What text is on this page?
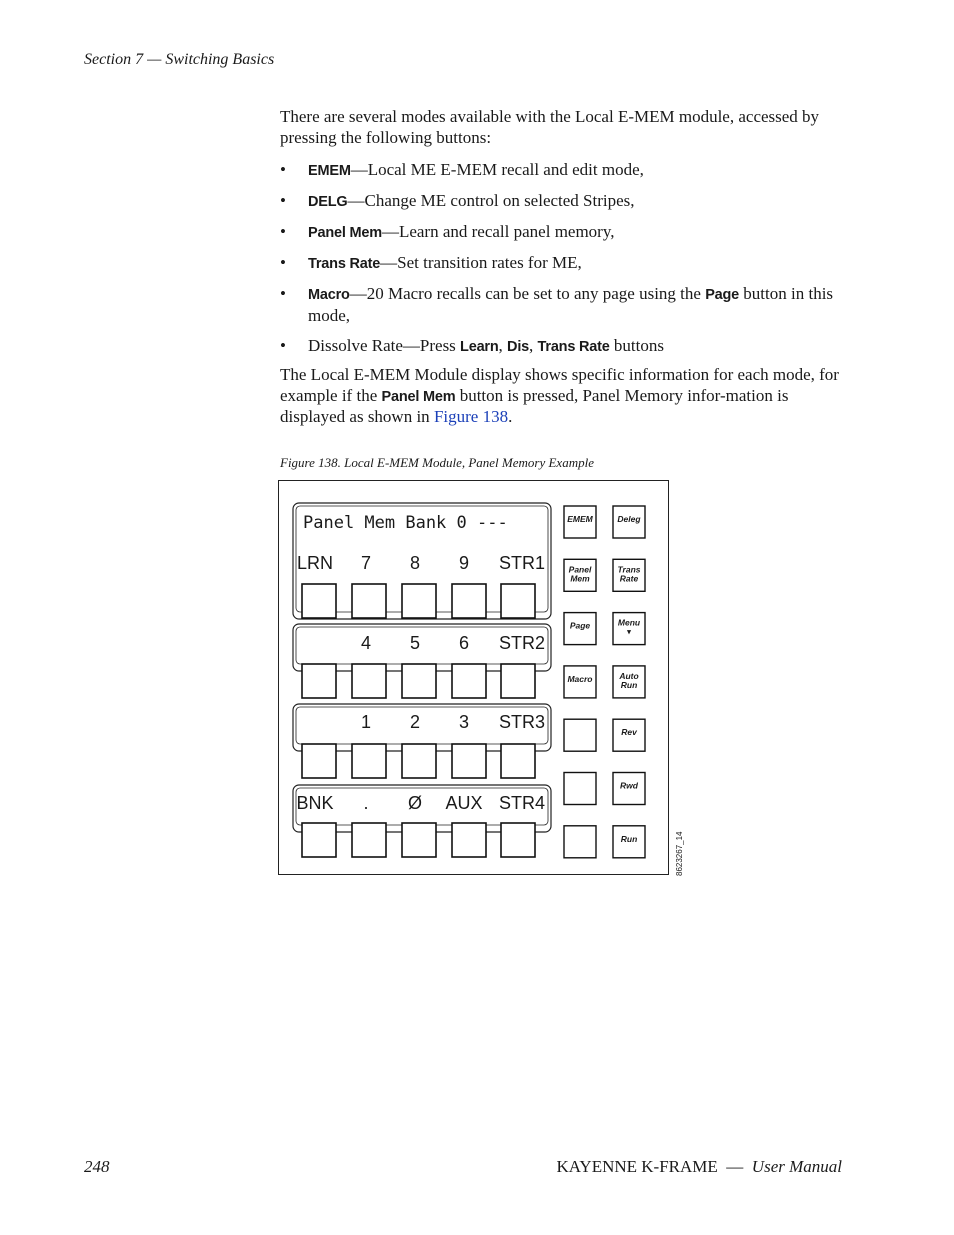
Section 7 — Switching Basics
There are several modes available with the Local E-MEM module, accessed by pressing the following buttons:
• EMEM—Local ME E-MEM recall and edit mode,
• DELG—Change ME control on selected Stripes,
• Panel Mem—Learn and recall panel memory,
• Trans Rate—Set transition rates for ME,
• Macro—20 Macro recalls can be set to any page using the Page button in this mode,
• Dissolve Rate—Press Learn, Dis, Trans Rate buttons
The Local E-MEM Module display shows specific information for each mode, for example if the Panel Mem button is pressed, Panel Memory infor-mation is displayed as shown in Figure 138.
Figure 138. Local E-MEM Module, Panel Memory Example
Panel Mem Bank 0 ---
LRN 7 8 9 STR1
4 5 6 STR2
1 2 3 STR3
BNK . Ø AUX STR4
EMEM	Deleg
Panel
Mem
Trans
Rate
Page	Menu
▾
Macro	Auto
Run
Rev
Rwd
Run	8623267_14
248	KAYENNE K-FRAME — User Manual
